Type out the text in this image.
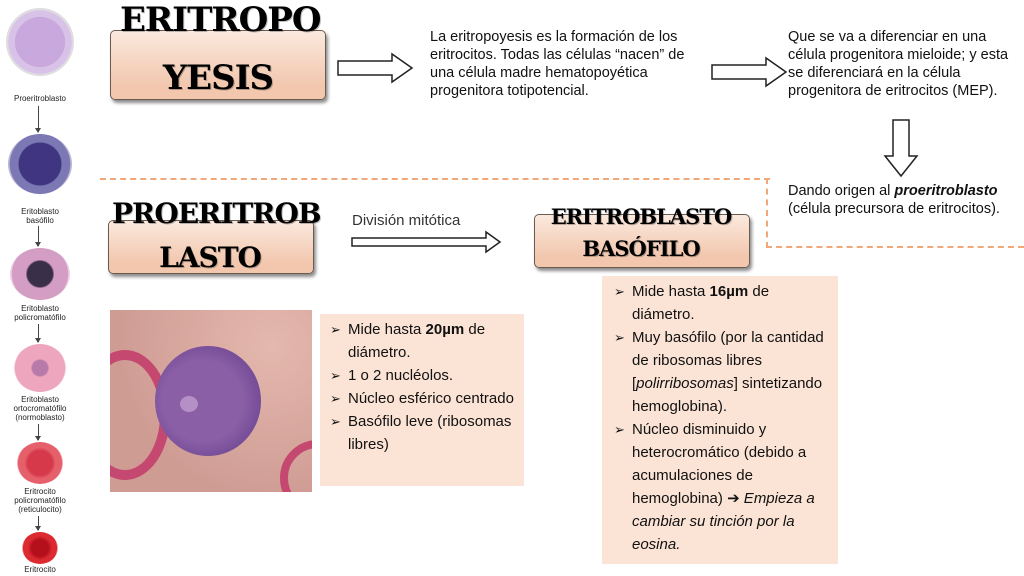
Proeritroblasto
Eritoblasto
basófilo
Eritoblasto
policromatófilo
Eritoblasto
ortocromatófilo
(normoblasto)
Eritrocito
policromatófilo
(reticulocito)
Eritrocito
ERITROPO
YESIS
La eritropoyesis es la formación de los eritrocitos. Todas las células “nacen” de una célula madre hematopoyética progenitora totipotencial.
Que se va a diferenciar en una célula progenitora mieloide; y esta se diferenciará en la célula progenitora de eritrocitos (MEP).
Dando origen al proeritroblasto (célula precursora de eritrocitos).
PROERITROB
LASTO
División mitótica	ERITROBLASTO
BASÓFILO
➢ Mide hasta 20µm de diámetro.
➢ 1 o 2 nucléolos.
➢ Núcleo esférico centrado
➢ Basófilo leve (ribosomas libres)
➢ Mide hasta 16µm de diámetro.
➢ Muy basófilo (por la cantidad de ribosomas libres [polirribosomas] sintetizando hemoglobina).
➢ Núcleo disminuido y heterocromático (debido a acumulaciones de hemoglobina) ➔ Empieza a cambiar su tinción por la eosina.
